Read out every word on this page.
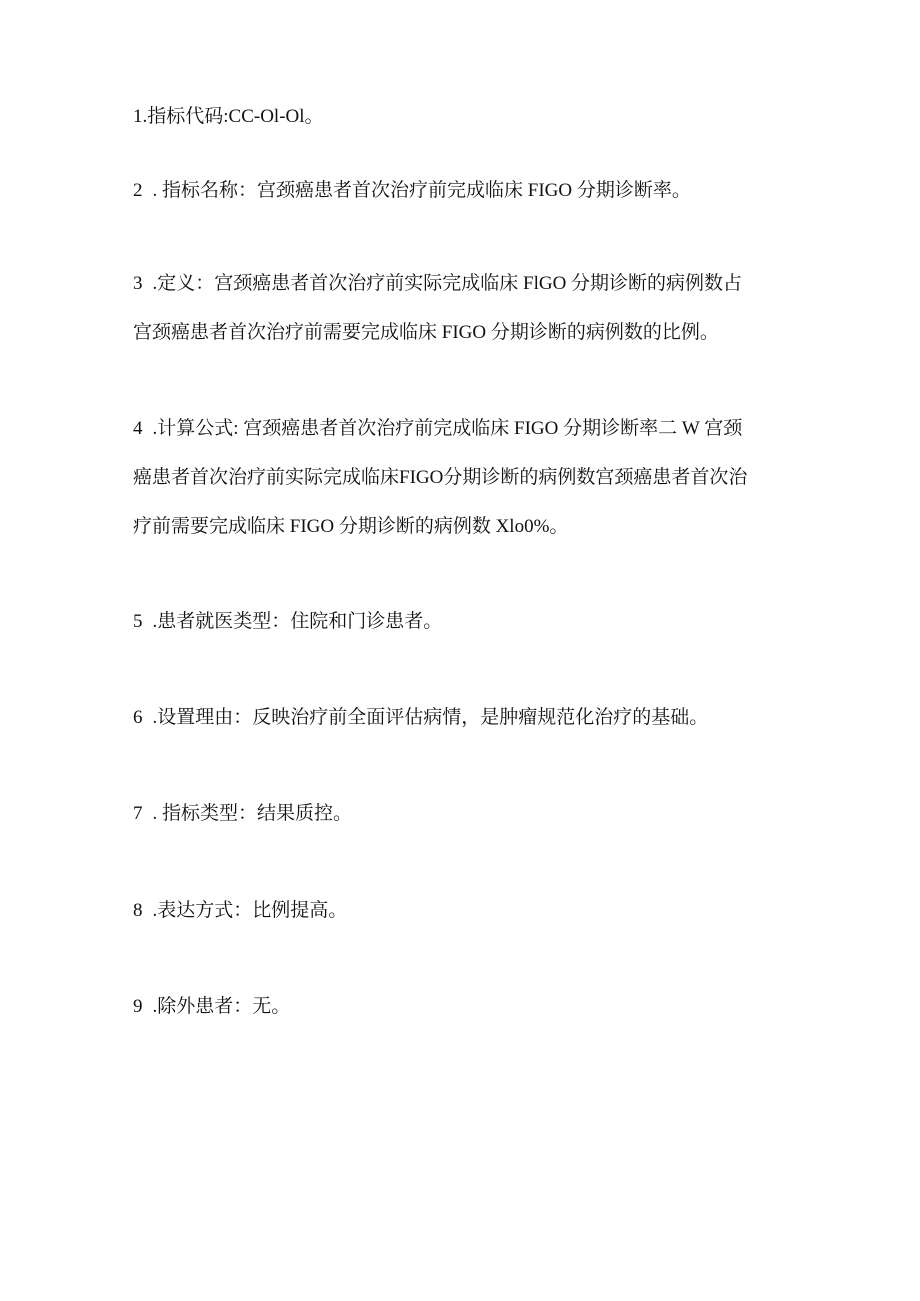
1.指标代码:CC-Ol-Ol。
2 . 指标名称：宫颈癌患者首次治疗前完成临床 FIGO 分期诊断率。
3 .定义：宫颈癌患者首次治疗前实际完成临床 FlGO 分期诊断的病例数占
宫颈癌患者首次治疗前需要完成临床 FIGO 分期诊断的病例数的比例。
4 .计算公式: 宫颈癌患者首次治疗前完成临床 FIGO 分期诊断率二 W 宫颈
癌患者首次治疗前实际完成临床FIGO分期诊断的病例数宫颈癌患者首次治
疗前需要完成临床 FIGO 分期诊断的病例数 Xlo0%。
5 .患者就医类型：住院和门诊患者。
6 .设置理由：反映治疗前全面评估病情，是肿瘤规范化治疗的基础。
7 . 指标类型：结果质控。
8 .表达方式：比例提高。
9 .除外患者：无。
